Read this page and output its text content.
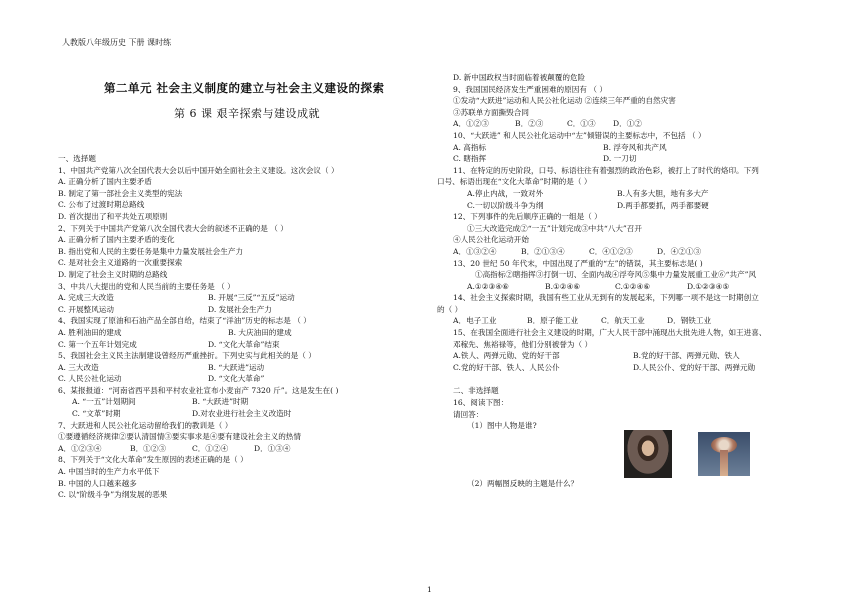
人教版八年级历史 下册 课时练
第二单元 社会主义制度的建立与社会主义建设的探索
第 6 课 艰辛探索与建设成就
一、选择题
1、中国共产党第八次全国代表大会以后中国开始全面社会主义建设。这次会议（ ）
A. 正确分析了国内主要矛盾
B. 制定了第一部社会主义类型的宪法
C. 公布了过渡时期总路线
D. 首次提出了和平共处五项原则
2、下列关于中国共产党第八次全国代表大会的叙述不正确的是 （ ）
A. 正确分析了国内主要矛盾的变化
B. 指出党和人民的主要任务是集中力量发展社会生产力
C. 是对社会主义道路的一次重要探索
D. 制定了社会主义时期的总路线
3、中共八大提出的党和人民当前的主要任务是 （ ）
A. 完成三大改造	B. 开展“三反”“五反”运动
C. 开展整风运动	D. 发展社会生产力
4、我国实现了原油和石油产品全部自给，结束了“洋油”历史的标志是 （ ）
A. 胜利油田的建成	B. 大庆油田的建成
C. 第一个五年计划完成	D. “文化大革命”结束
5、我国社会主义民主法制建设曾经历严重挫折。下列史实与此相关的是（ ）
A. 三大改造	B. “大跃进”运动
C. 人民公社化运动	D. “文化大革命”
6、某报报道：“河南省西平县和平村农业社宣布小麦亩产 7320 斤”。这是发生在( )
A. “一五”计划期间	B. “大跃进”时期
C. “文革”时期	D.对农业进行社会主义改造时
7、大跃进和人民公社化运动留给我们的教训是（ ）
①要遵循经济规律②要认清国情③要实事求是④要有建设社会主义的热情
A．①②③④	B．①②③	C．①②④	D．①③④
8、下列关于“文化大革命”发生原因的表述正确的是（ ）
A. 中国当时的生产力水平低下
B. 中国的人口越来越多
C. 以“阶级斗争”为纲发展的恶果
D. 新中国政权当时面临着被颠覆的危险
9、我国国民经济发生严重困难的原因有 （ ）
①发动“大跃进”运动和人民公社化运动 ②连续三年严重的自然灾害
③苏联单方面撕毁合同
A．①②③	B．②③	C．①③	D．①②
10、“大跃进” 和人民公社化运动中“左”倾错误的主要标志中，不包括 （ ）
A. 高指标	B. 浮夸风和共产风
C. 瞎指挥	D. 一刀切
11、在特定的历史阶段，口号、标语往往有着强烈的政治色彩，被打上了时代的烙印。下列
口号、标语出现在“文化大革命”时期的是（ ）
A.停止内战，一致对外	B.人有多大胆，地有多大产
C.一切以阶级斗争为纲	D.两手都要抓，两手都要硬
12、下列事件的先后顺序正确的一组是（ ）
①三大改造完成②“一五”计划完成③中共“八大”召开
④人民公社化运动开始
A．①③②④	B．②①③④	C．④①②③	D．④②①③
13、20 世纪 50 年代末，中国出现了严重的“左”的错误，其主要标志是( )
①高指标②瞎指挥③打倒一切、全面内战④浮夸风⑤集中力量发展重工业⑥“共产”风
A.①②③④⑥	B.①②④⑥	C.①②④⑥	D.①②③④⑤
14、社会主义探索时期，我国有些工业从无到有的发展起来，下列哪一项不是这一时期创立
的（ ）
A．电子工业	B．原子能工业	C．航天工业	D．钢铁工业
15、在我国全面进行社会主义建设的时期，广大人民干部中涌现出大批先进人物，如王进喜、
邓稼先、焦裕禄等，他们分别被誉为（ ）
A.铁人、两弹元勋、党的好干部	B.党的好干部、两弹元勋、铁人
C.党的好干部、铁人、人民公仆	D.人民公仆、党的好干部、两弹元勋
二、非选择题
16、阅读下图：
请回答：
（1）图中人物是谁?
（2）两幅图反映的主题是什么？
1
